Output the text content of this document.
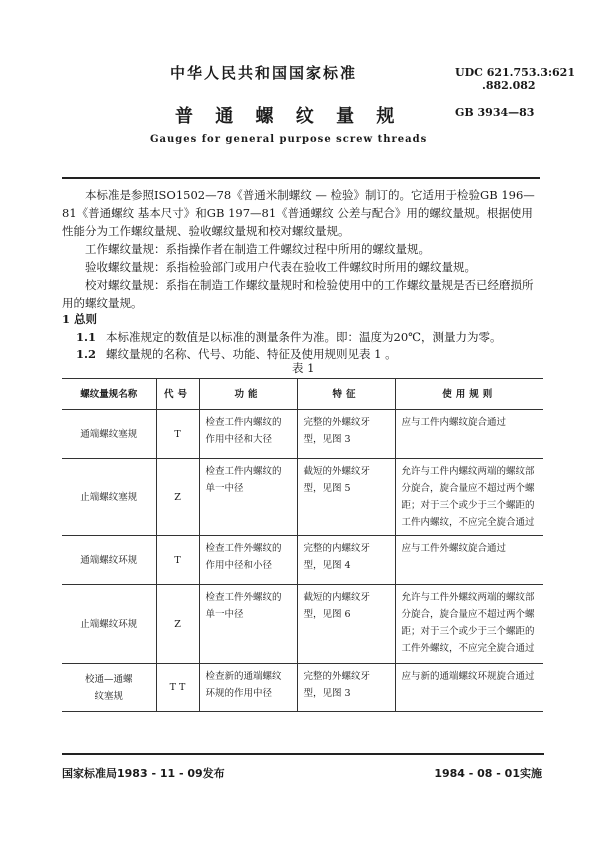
中华人民共和国国家标准	UDC 621.753.3:621
.882.082
普 通 螺 纹 量 规	GB 3934—83
Gauges for general purpose screw threads

本标准是参照ISO1502—78《普通米制螺纹 — 检验》制订的。它适用于检验GB 196—81《普通螺纹 基本尺寸》和GB 197—81《普通螺纹 公差与配合》用的螺纹量规。根据使用性能分为工作螺纹量规、验收螺纹量规和校对螺纹量规。

工作螺纹量规：系指操作者在制造工件螺纹过程中所用的螺纹量规。

验收螺纹量规：系指检验部门或用户代表在验收工件螺纹时所用的螺纹量规。

校对螺纹量规：系指在制造工作螺纹量规时和检验使用中的工作螺纹量规是否已经磨损所用的螺纹量规。

1 总则
1.1 本标准规定的数值是以标准的测量条件为准。即：温度为20℃，测量力为零。
1.2 螺纹量规的名称、代号、功能、特征及使用规则见表 1 。
表 1
螺纹量规名称	代号	功能	特征	使用规则
通端螺纹塞规	T	检查工件内螺纹的作用中径和大径	完整的外螺纹牙型，见图 3	应与工件内螺纹旋合通过
止端螺纹塞规	Z	检查工件内螺纹的单一中径	截短的外螺纹牙型，见图 5	允许与工件内螺纹两端的螺纹部分旋合，旋合量应不超过两个螺距；对于三个或少于三个螺距的工件内螺纹，不应完全旋合通过
通端螺纹环规	T	检查工件外螺纹的作用中径和小径	完整的内螺纹牙型，见图 4	应与工件外螺纹旋合通过
止端螺纹环规	Z	检查工件外螺纹的单一中径	截短的内螺纹牙型，见图 6	允许与工件外螺纹两端的螺纹部分旋合，旋合量应不超过两个螺距；对于三个或少于三个螺距的工件外螺纹，不应完全旋合通过
校通—通螺纹塞规	T T	检查新的通端螺纹环规的作用中径	完整的外螺纹牙型，见图 3	应与新的通端螺纹环规旋合通过
国家标准局1983 - 11 - 09发布	1984 - 08 - 01实施
